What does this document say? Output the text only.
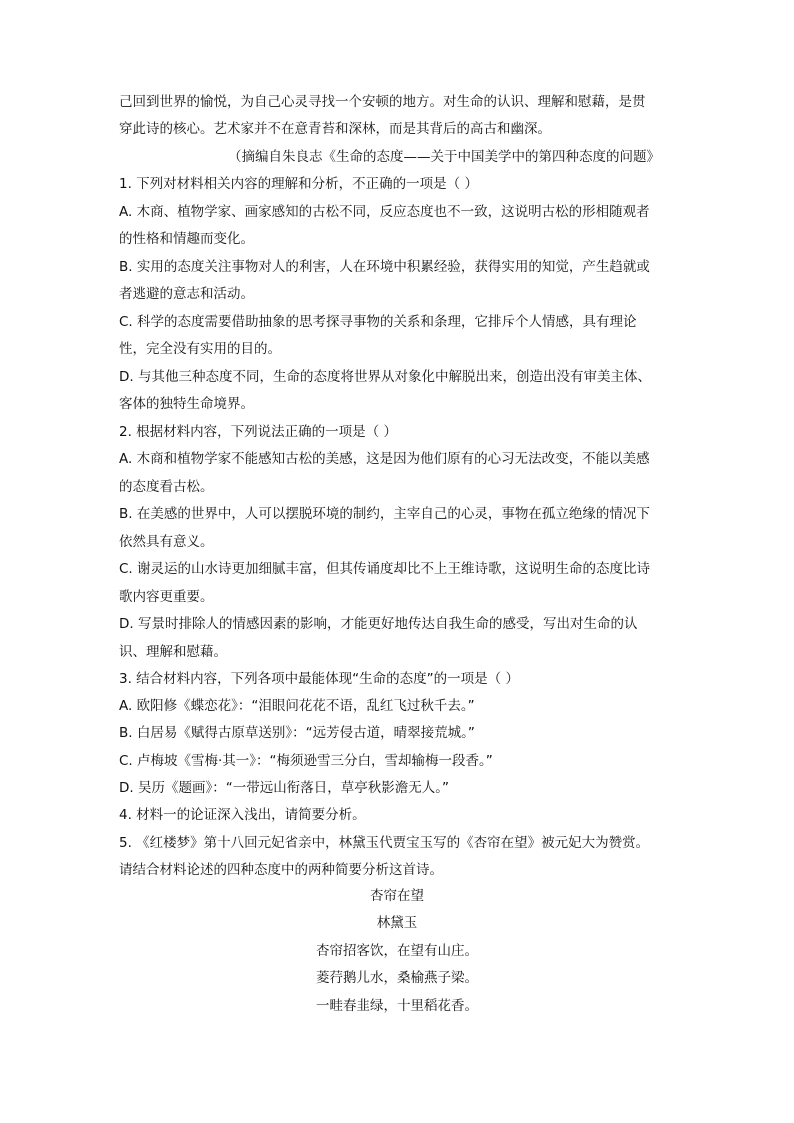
己回到世界的愉悦，为自己心灵寻找一个安顿的地方。对生命的认识、理解和慰藉，是贯
穿此诗的核心。艺术家并不在意青苔和深林，而是其背后的高古和幽深。
（摘编自朱良志《生命的态度——关于中国美学中的第四种态度的问题》
1. 下列对材料相关内容的理解和分析，不正确的一项是（ ）
A. 木商、植物学家、画家感知的古松不同，反应态度也不一致，这说明古松的形相随观者
的性格和情趣而变化。
B. 实用的态度关注事物对人的利害，人在环境中积累经验，获得实用的知觉，产生趋就或
者逃避的意志和活动。
C. 科学的态度需要借助抽象的思考探寻事物的关系和条理，它排斥个人情感，具有理论
性，完全没有实用的目的。
D. 与其他三种态度不同，生命的态度将世界从对象化中解脱出来，创造出没有审美主体、
客体的独特生命境界。
2. 根据材料内容，下列说法正确的一项是（ ）
A. 木商和植物学家不能感知古松的美感，这是因为他们原有的心习无法改变，不能以美感
的态度看古松。
B. 在美感的世界中，人可以摆脱环境的制约，主宰自己的心灵，事物在孤立绝缘的情况下
依然具有意义。
C. 谢灵运的山水诗更加细腻丰富，但其传诵度却比不上王维诗歌，这说明生命的态度比诗
歌内容更重要。
D. 写景时排除人的情感因素的影响，才能更好地传达自我生命的感受，写出对生命的认
识、理解和慰藉。
3. 结合材料内容，下列各项中最能体现“生命的态度”的一项是（ ）
A. 欧阳修《蝶恋花》：“泪眼问花花不语，乱红飞过秋千去。”
B. 白居易《赋得古原草送别》：“远芳侵古道，晴翠接荒城。”
C. 卢梅坡《雪梅·其一》：“梅须逊雪三分白，雪却输梅一段香。”
D. 吴历《题画》：“一带远山衔落日，草亭秋影澹无人。”
4. 材料一的论证深入浅出，请简要分析。
5. 《红楼梦》第十八回元妃省亲中，林黛玉代贾宝玉写的《杏帘在望》被元妃大为赞赏。
请结合材料论述的四种态度中的两种简要分析这首诗。
杏帘在望
林黛玉
杏帘招客饮，在望有山庄。
菱荇鹅儿水，桑榆燕子梁。
一畦春韭绿，十里稻花香。
